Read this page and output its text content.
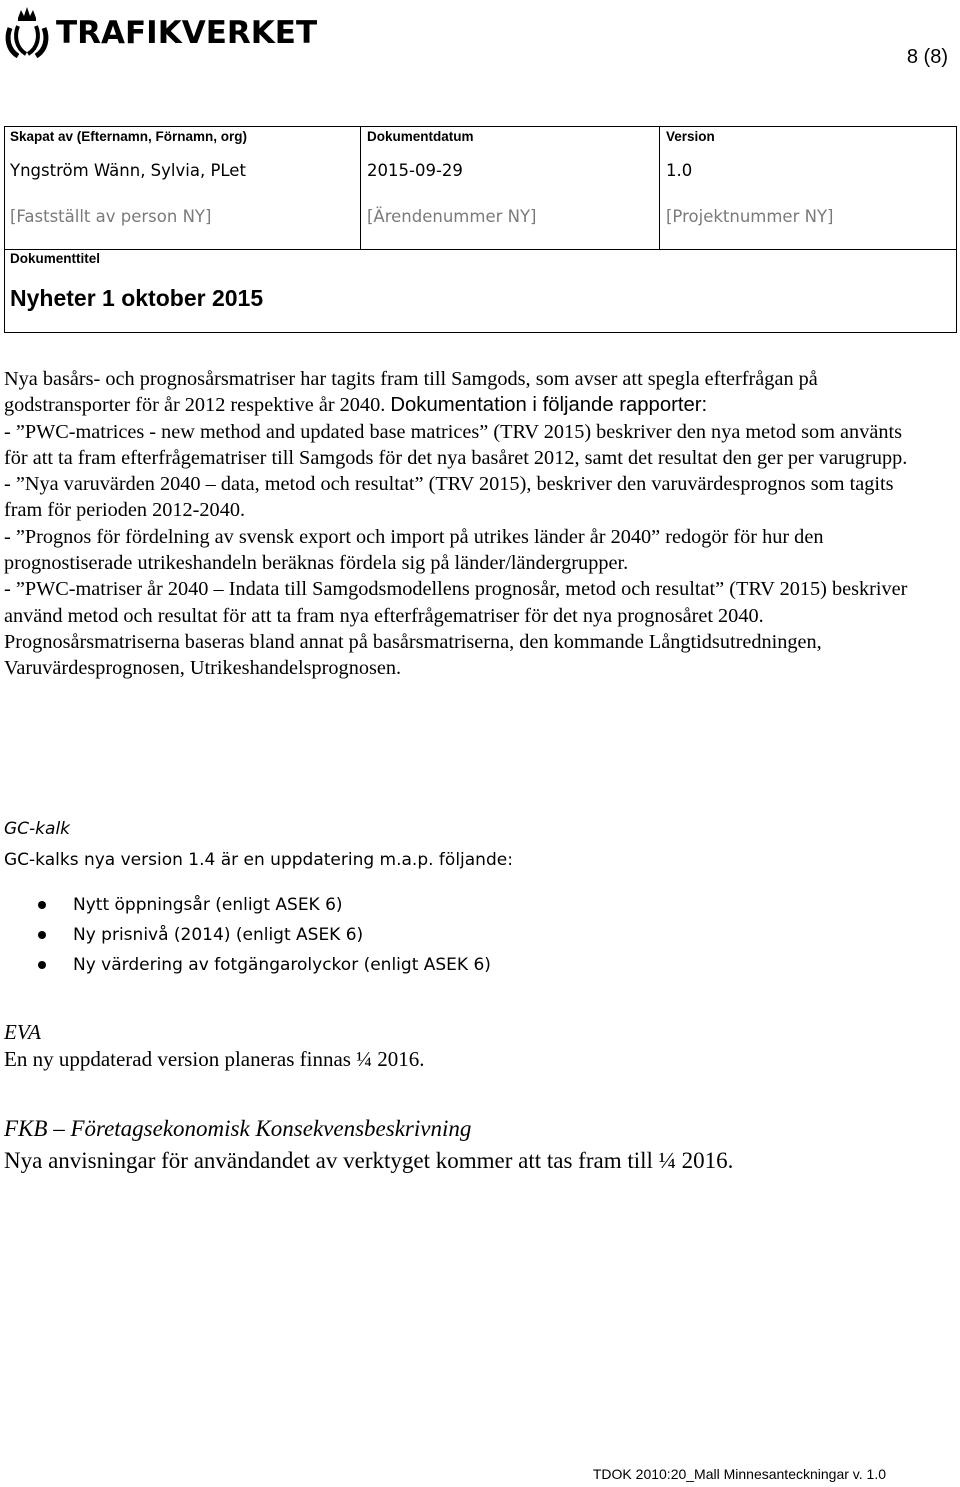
TRAFIKVERKET
8 (8)
Skapat av (Efternamn, Förnamn, org)
Yngström Wänn, Sylvia, PLet
[Fastställt av person NY]
Dokumentdatum
2015-09-29
[Ärendenummer NY]
Version
1.0
[Projektnummer NY]
Dokumenttitel
Nyheter 1 oktober 2015

Nya basårs- och prognosårsmatriser har tagits fram till Samgods, som avser att spegla efterfrågan på godstransporter för år 2012 respektive år 2040. Dokumentation i följande rapporter:

- ”PWC-matrices - new method and updated base matrices” (TRV 2015) beskriver den nya metod som använts för att ta fram efterfrågematriser till Samgods för det nya basåret 2012, samt det resultat den ger per varugrupp.

- ”Nya varuvärden 2040 – data, metod och resultat” (TRV 2015), beskriver den varuvärdesprognos som tagits fram för perioden 2012-2040.

- ”Prognos för fördelning av svensk export och import på utrikes länder år 2040” redogör för hur den prognostiserade utrikeshandeln beräknas fördela sig på länder/ländergrupper.

- ”PWC-matriser år 2040 – Indata till Samgodsmodellens prognosår, metod och resultat” (TRV 2015) beskriver använd metod och resultat för att ta fram nya efterfrågematriser för det nya prognosåret 2040. Prognosårsmatriserna baseras bland annat på basårsmatriserna, den kommande Långtidsutredningen, Varuvärdesprognosen, Utrikeshandelsprognosen.

GC-kalk
GC-kalks nya version 1.4 är en uppdatering m.a.p. följande:
Nytt öppningsår (enligt ASEK 6)
Ny prisnivå (2014) (enligt ASEK 6)
Ny värdering av fotgängarolyckor (enligt ASEK 6)
EVA
En ny uppdaterad version planeras finnas ¼ 2016.
FKB – Företagsekonomisk Konsekvensbeskrivning
Nya anvisningar för användandet av verktyget kommer att tas fram till ¼ 2016.
TDOK 2010:20_Mall Minnesanteckningar v. 1.0
